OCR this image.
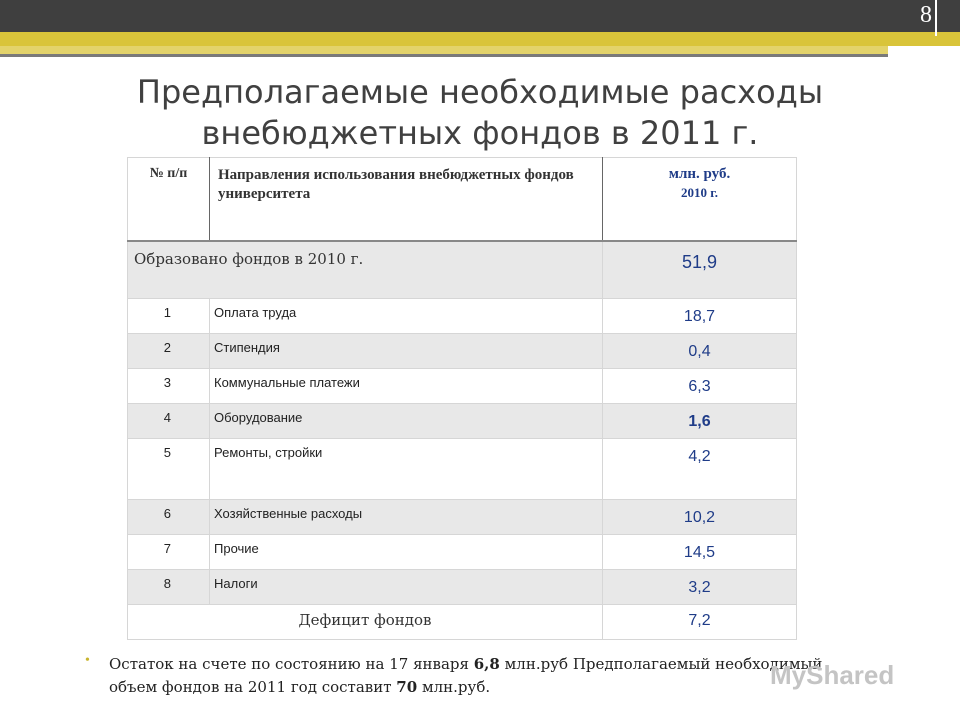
8
Предполагаемые необходимые расходы внебюджетных фондов в 2011 г.
№ п/п	Направления использования внебюджетных фондов университета	млн. руб.
2010 г.

Образовано фондов в 2010 г.		51,9
1	Оплата труда	18,7
2	Стипендия	0,4
3	Коммунальные платежи	6,3
4	Оборудование	1,6
5	Ремонты, стройки	4,2
6	Хозяйственные расходы	10,2
7	Прочие	14,5
8	Налоги	3,2
Дефицит фондов		7,2
• Остаток на счете по состоянию на 17 января 6,8 млн.руб Предполагаемый необходимый объем фондов на 2011 год составит 70 млн.руб.	MyShared
